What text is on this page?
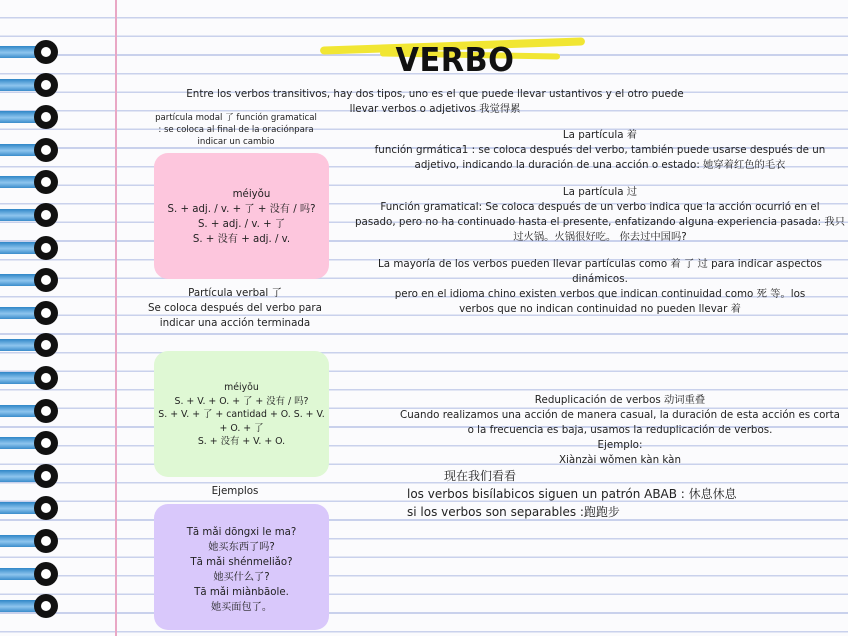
VERBO
Entre los verbos transitivos, hay dos tipos, uno es el que puede llevar ustantivos y el otro puede
llevar verbos o adjetivos 我觉得累
partícula modal 了 función gramatical
: se coloca al final de la oraciónpara
indicar un cambio
méiyǒu
S. + adj. / v. + 了 + 没有 / 吗?
S. + adj. / v. + 了
S. + 没有 + adj. / v.
Partícula verbal 了
Se coloca después del verbo para
indicar una acción terminada
méiyǒu
S. + V. + O. + 了 + 没有 / 吗?
S. + V. + 了 + cantidad + O. S. + V.
+ O. + 了
S. + 没有 + V. + O.
Ejemplos
Tā mǎi dōngxi le ma?
她买东西了吗?
Tā mǎi shénmeliǎo?
她买什么了?
Tā mǎi miànbāole.
她买面包了。
La partícula 着
función grmática1 : se coloca después del verbo, también puede usarse después de un
adjetivo, indicando la duración de una acción o estado: 她穿着红色的毛衣
La partícula 过
Función gramatical: Se coloca después de un verbo indica que la acción ocurrió en el
pasado, pero no ha continuado hasta el presente, enfatizando alguna experiencia pasada: 我只
过火锅。火锅很好吃。 你去过中国吗?
La mayoría de los verbos pueden llevar partículas como 着 了 过 para indicar aspectos
dinámicos.
pero en el idioma chino existen verbos que indican continuidad como 死 等。los
verbos que no indican continuidad no pueden llevar 着
Reduplicación de verbos 动词重叠
Cuando realizamos una acción de manera casual, la duración de esta acción es corta
o la frecuencia es baja, usamos la reduplicación de verbos.
Ejemplo:
Xiànzài wǒmen kàn kàn
现在我们看看
los verbos bisílabicos siguen un patrón ABAB : 休息休息
si los verbos son separables :跑跑步
